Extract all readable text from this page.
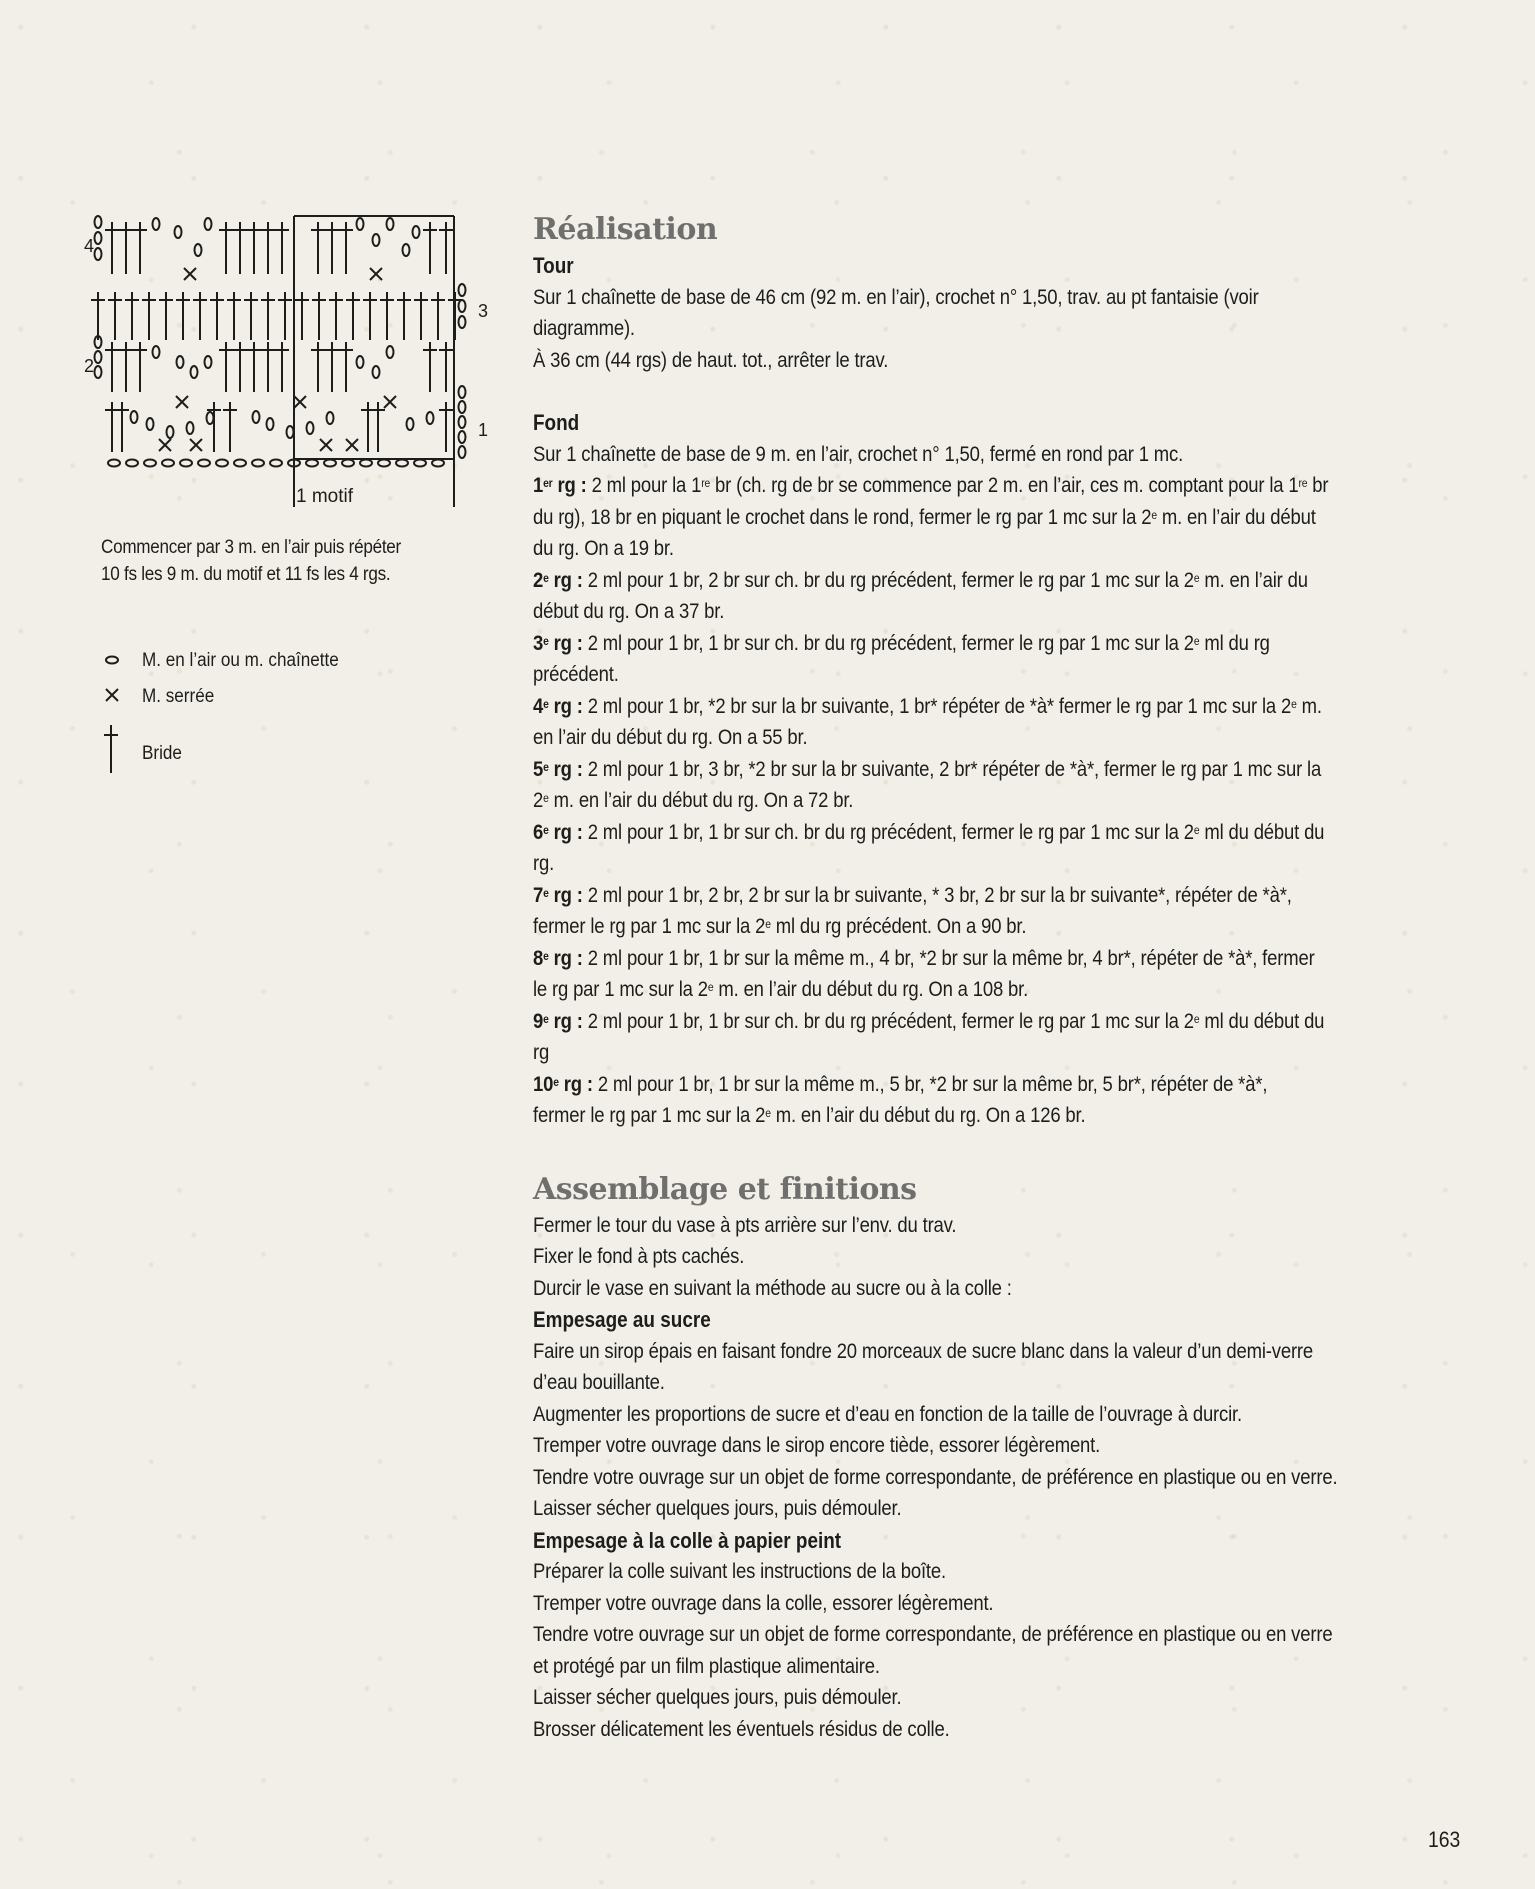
4
3
2
1
1 motif
Commencer par 3 m. en l’air puis répéter
10 fs les 9 m. du motif et 11 fs les 4 rgs.
M. en l’air ou m. chaînette
M. serrée
Bride
Réalisation
Tour

Sur 1 chaînette de base de 46 cm (92 m. en l’air), crochet n° 1,50, trav. au pt fantaisie (voir

diagramme).

À 36 cm (44 rgs) de haut. tot., arrêter le trav.

Fond

Sur 1 chaînette de base de 9 m. en l’air, crochet n° 1,50, fermé en rond par 1 mc.

1er rg : 2 ml pour la 1re br (ch. rg de br se commence par 2 m. en l’air, ces m. comptant pour la 1re br

du rg), 18 br en piquant le crochet dans le rond, fermer le rg par 1 mc sur la 2e m. en l’air du début

du rg. On a 19 br.

2e rg : 2 ml pour 1 br, 2 br sur ch. br du rg précédent, fermer le rg par 1 mc sur la 2e m. en l’air du

début du rg. On a 37 br.

3e rg : 2 ml pour 1 br, 1 br sur ch. br du rg précédent, fermer le rg par 1 mc sur la 2e ml du rg

précédent.

4e rg : 2 ml pour 1 br, *2 br sur la br suivante, 1 br* répéter de *à* fermer le rg par 1 mc sur la 2e m.

en l’air du début du rg. On a 55 br.

5e rg : 2 ml pour 1 br, 3 br, *2 br sur la br suivante, 2 br* répéter de *à*, fermer le rg par 1 mc sur la

2e m. en l’air du début du rg. On a 72 br.

6e rg : 2 ml pour 1 br, 1 br sur ch. br du rg précédent, fermer le rg par 1 mc sur la 2e ml du début du

rg.

7e rg : 2 ml pour 1 br, 2 br, 2 br sur la br suivante, * 3 br, 2 br sur la br suivante*, répéter de *à*,

fermer le rg par 1 mc sur la 2e ml du rg précédent. On a 90 br.

8e rg : 2 ml pour 1 br, 1 br sur la même m., 4 br, *2 br sur la même br, 4 br*, répéter de *à*, fermer

le rg par 1 mc sur la 2e m. en l’air du début du rg. On a 108 br.

9e rg : 2 ml pour 1 br, 1 br sur ch. br du rg précédent, fermer le rg par 1 mc sur la 2e ml du début du

rg

10e rg : 2 ml pour 1 br, 1 br sur la même m., 5 br, *2 br sur la même br, 5 br*, répéter de *à*,

fermer le rg par 1 mc sur la 2e m. en l’air du début du rg. On a 126 br.

Assemblage et finitions

Fermer le tour du vase à pts arrière sur l’env. du trav.

Fixer le fond à pts cachés.

Durcir le vase en suivant la méthode au sucre ou à la colle :

Empesage au sucre

Faire un sirop épais en faisant fondre 20 morceaux de sucre blanc dans la valeur d’un demi-verre

d’eau bouillante.

Augmenter les proportions de sucre et d’eau en fonction de la taille de l’ouvrage à durcir.

Tremper votre ouvrage dans le sirop encore tiède, essorer légèrement.

Tendre votre ouvrage sur un objet de forme correspondante, de préférence en plastique ou en verre.

Laisser sécher quelques jours, puis démouler.

Empesage à la colle à papier peint

Préparer la colle suivant les instructions de la boîte.

Tremper votre ouvrage dans la colle, essorer légèrement.

Tendre votre ouvrage sur un objet de forme correspondante, de préférence en plastique ou en verre

et protégé par un film plastique alimentaire.

Laisser sécher quelques jours, puis démouler.

Brosser délicatement les éventuels résidus de colle.

163
